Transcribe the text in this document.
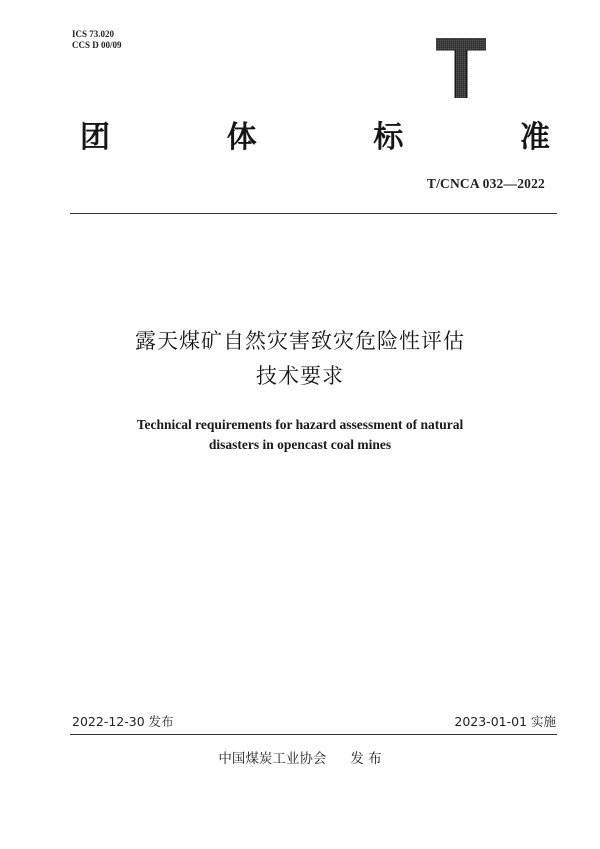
ICS 73.020
CCS D 00/09
团	体	标	准
T/CNCA 032—2022
露天煤矿自然灾害致灾危险性评估
技术要求
Technical requirements for hazard assessment of natural
disasters in opencast coal mines
2022-12-30 发布	2023-01-01 实施
中国煤炭工业协会 发 布
